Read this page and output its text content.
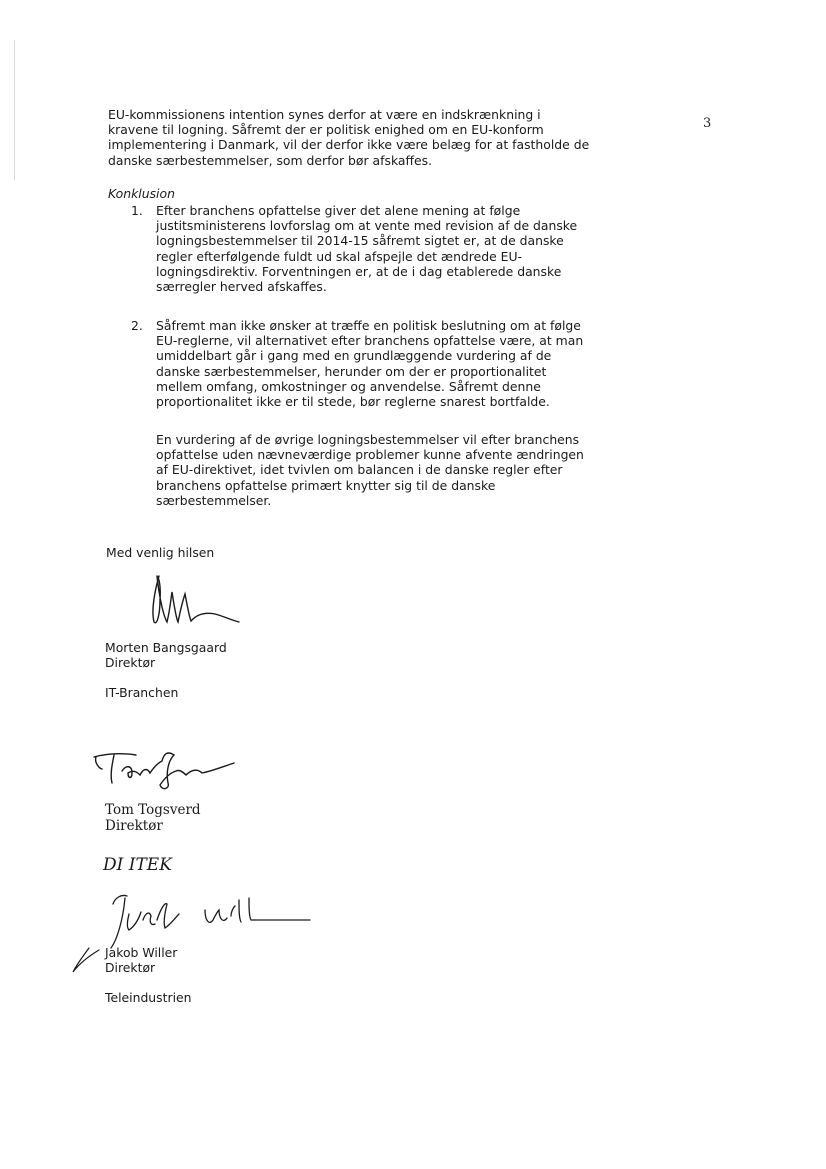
3
EU-kommissionens intention synes derfor at være en indskrænkning i
kravene til logning. Såfremt der er politisk enighed om en EU-konform
implementering i Danmark, vil der derfor ikke være belæg for at fastholde de
danske særbestemmelser, som derfor bør afskaffes.
Konklusion
1. Efter branchens opfattelse giver det alene mening at følge
justitsministerens lovforslag om at vente med revision af de danske
logningsbestemmelser til 2014-15 såfremt sigtet er, at de danske
regler efterfølgende fuldt ud skal afspejle det ændrede EU-
logningsdirektiv. Forventningen er, at de i dag etablerede danske
særregler herved afskaffes.
2. Såfremt man ikke ønsker at træffe en politisk beslutning om at følge
EU-reglerne, vil alternativet efter branchens opfattelse være, at man
umiddelbart går i gang med en grundlæggende vurdering af de
danske særbestemmelser, herunder om der er proportionalitet
mellem omfang, omkostninger og anvendelse. Såfremt denne
proportionalitet ikke er til stede, bør reglerne snarest bortfalde.
En vurdering af de øvrige logningsbestemmelser vil efter branchens
opfattelse uden nævneværdige problemer kunne afvente ændringen
af EU-direktivet, idet tvivlen om balancen i de danske regler efter
branchens opfattelse primært knytter sig til de danske
særbestemmelser.
Med venlig hilsen
Morten Bangsgaard
Direktør
IT-Branchen
Tom Togsverd
Direktør
DI ITEK
Jakob Willer
Direktør
Teleindustrien
